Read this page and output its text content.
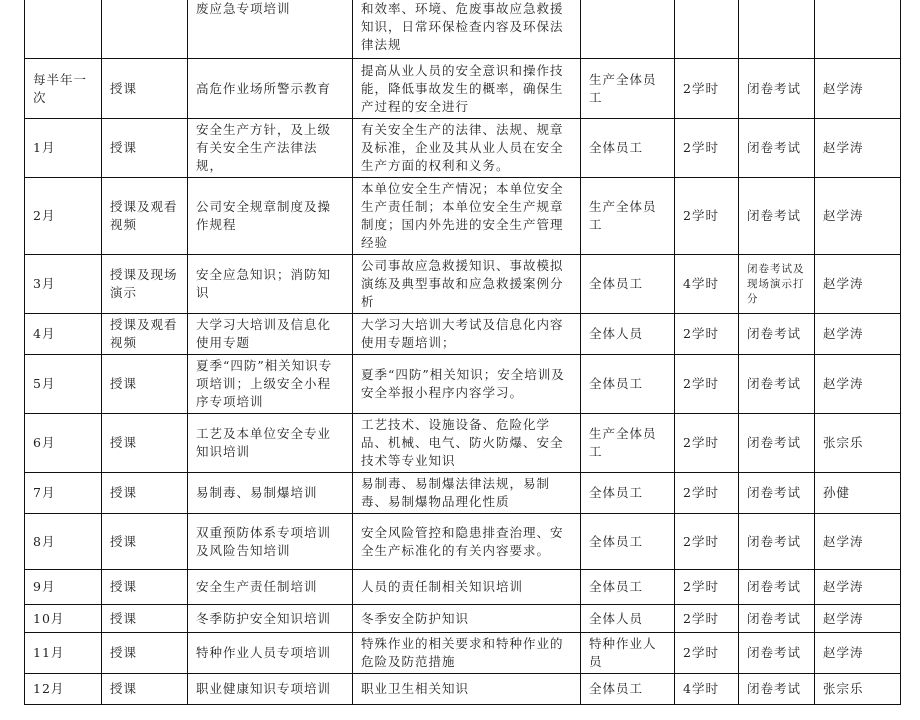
		废应急专项培训	和效率、环境、危废事故应急救援知识，日常环保检查内容及环保法律法规				
每半年一次	授课	高危作业场所警示教育	提高从业人员的安全意识和操作技能，降低事故发生的概率，确保生产过程的安全进行	生产全体员工	2学时	闭卷考试	赵学涛
1月	授课	安全生产方针，及上级有关安全生产法律法规，	有关安全生产的法律、法规、规章及标准，企业及其从业人员在安全生产方面的权利和义务。	全体员工	2学时	闭卷考试	赵学涛
2月	授课及观看视频	公司安全规章制度及操作规程	本单位安全生产情况；本单位安全生产责任制；本单位安全生产规章制度；国内外先进的安全生产管理经验	生产全体员工	2学时	闭卷考试	赵学涛
3月	授课及现场演示	安全应急知识；消防知识	公司事故应急救援知识、事故模拟演练及典型事故和应急救援案例分析	全体员工	4学时	闭卷考试及现场演示打分	赵学涛
4月	授课及观看视频	大学习大培训及信息化使用专题	大学习大培训大考试及信息化内容使用专题培训；	全体人员	2学时	闭卷考试	赵学涛
5月	授课	夏季“四防”相关知识专项培训；上级安全小程序专项培训	夏季“四防”相关知识；安全培训及安全举报小程序内容学习。	全体员工	2学时	闭卷考试	赵学涛
6月	授课	工艺及本单位安全专业知识培训	工艺技术、设施设备、危险化学品、机械、电气、防火防爆、安全技术等专业知识	生产全体员工	2学时	闭卷考试	张宗乐
7月	授课	易制毒、易制爆培训	易制毒、易制爆法律法规，易制毒、易制爆物品理化性质	全体员工	2学时	闭卷考试	孙健
8月	授课	双重预防体系专项培训及风险告知培训	安全风险管控和隐患排查治理、安全生产标准化的有关内容要求。	全体员工	2学时	闭卷考试	赵学涛
9月	授课	安全生产责任制培训	人员的责任制相关知识培训	全体员工	2学时	闭卷考试	赵学涛
10月	授课	冬季防护安全知识培训	冬季安全防护知识	全体人员	2学时	闭卷考试	赵学涛
11月	授课	特种作业人员专项培训	特殊作业的相关要求和特种作业的危险及防范措施	特种作业人员	2学时	闭卷考试	赵学涛
12月	授课	职业健康知识专项培训	职业卫生相关知识	全体员工	4学时	闭卷考试	张宗乐
